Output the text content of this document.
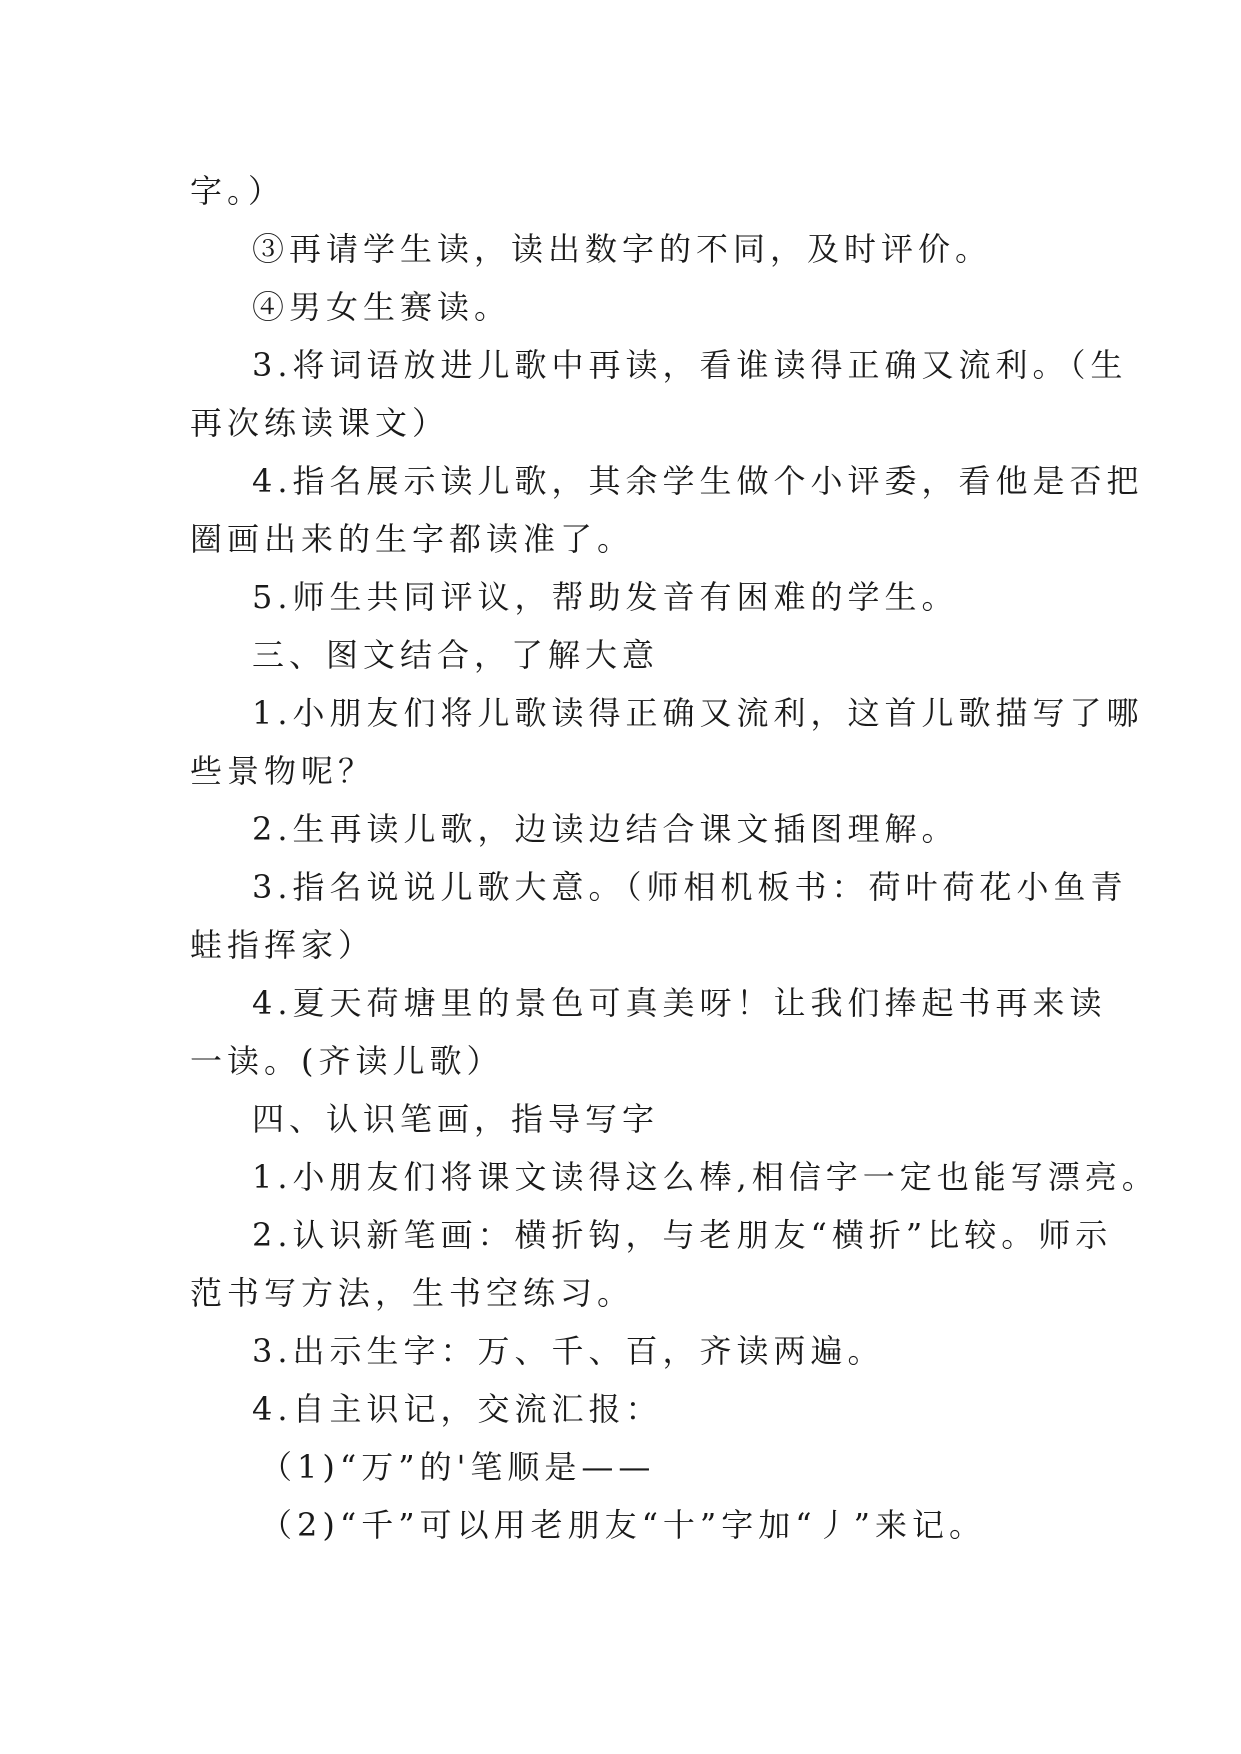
字。）
③再请学生读，读出数字的不同，及时评价。
④男女生赛读。
3.将词语放进儿歌中再读，看谁读得正确又流利。（生
再次练读课文）
4.指名展示读儿歌，其余学生做个小评委，看他是否把
圈画出来的生字都读准了。
5.师生共同评议，帮助发音有困难的学生。
三、图文结合，了解大意
1.小朋友们将儿歌读得正确又流利，这首儿歌描写了哪
些景物呢？
2.生再读儿歌，边读边结合课文插图理解。
3.指名说说儿歌大意。（师相机板书：荷叶荷花小鱼青
蛙指挥家）
4.夏天荷塘里的景色可真美呀！让我们捧起书再来读
一读。(齐读儿歌）
四、认识笔画，指导写字
1.小朋友们将课文读得这么棒,相信字一定也能写漂亮。
2.认识新笔画：横折钩，与老朋友“横折”比较。师示
范书写方法，生书空练习。
3.出示生字：万、千、百，齐读两遍。
4.自主识记，交流汇报：
（1)“万”的'笔顺是——
（2)“千”可以用老朋友“十”字加“丿”来记。
